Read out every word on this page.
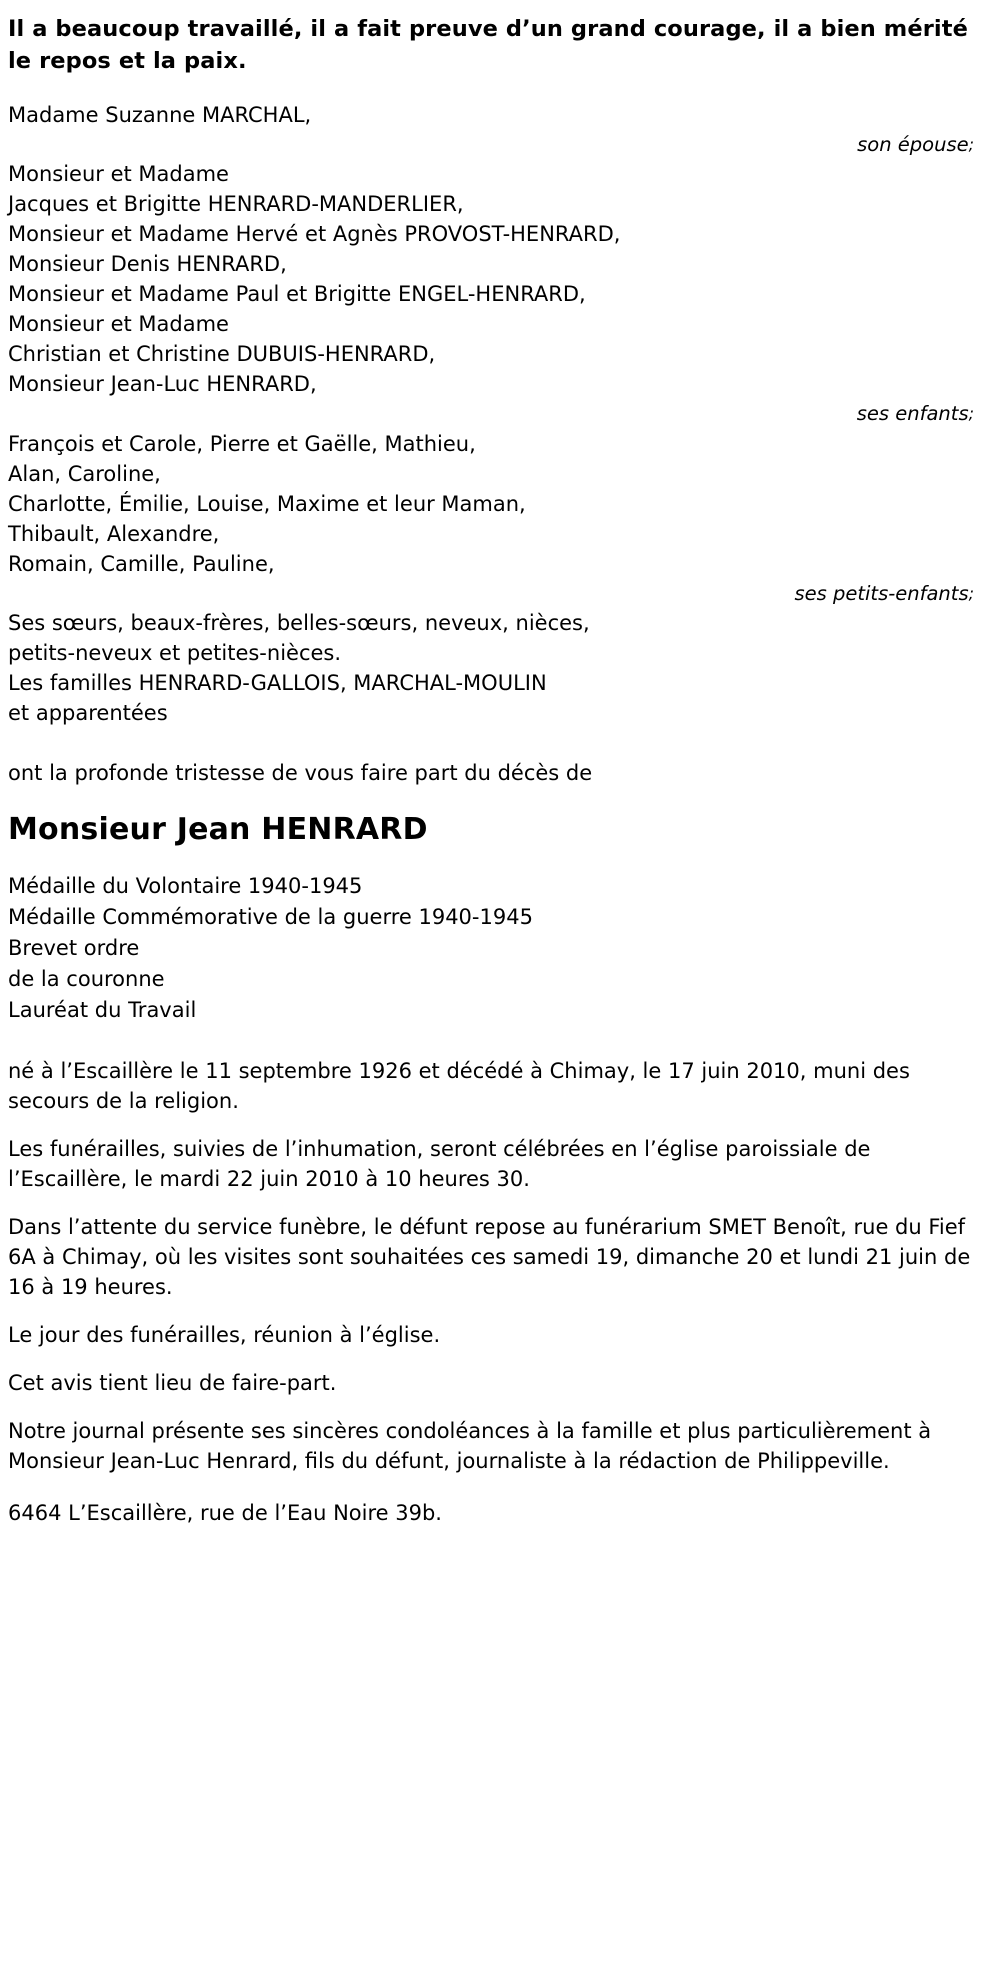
Il a beaucoup travaillé, il a fait preuve d’un grand courage, il a bien mérité le repos et la paix.

Madame Suzanne MARCHAL,
son épouse;
Monsieur et Madame
Jacques et Brigitte HENRARD-MANDERLIER,
Monsieur et Madame Hervé et Agnès PROVOST-HENRARD,
Monsieur Denis HENRARD,
Monsieur et Madame Paul et Brigitte ENGEL-HENRARD,
Monsieur et Madame
Christian et Christine DUBUIS-HENRARD,
Monsieur Jean-Luc HENRARD,
ses enfants;
François et Carole, Pierre et Gaëlle, Mathieu,
Alan, Caroline,
Charlotte, Émilie, Louise, Maxime et leur Maman,
Thibault, Alexandre,
Romain, Camille, Pauline,
ses petits-enfants;
Ses sœurs, beaux-frères, belles-sœurs, neveux, nièces,
petits-neveux et petites-nièces.
Les familles HENRARD-GALLOIS, MARCHAL-MOULIN
et apparentées
ont la profonde tristesse de vous faire part du décès de
Monsieur Jean HENRARD
Médaille du Volontaire 1940-1945
Médaille Commémorative de la guerre 1940-1945
Brevet ordre
de la couronne
Lauréat du Travail

né à l’Escaillère le 11 septembre 1926 et décédé à Chimay, le 17 juin 2010, muni des secours de la religion.

Les funérailles, suivies de l’inhumation, seront célébrées en l’église paroissiale de l’Escaillère, le mardi 22 juin 2010 à 10 heures 30.

Dans l’attente du service funèbre, le défunt repose au funérarium SMET Benoît, rue du Fief 6A à Chimay, où les visites sont souhaitées ces samedi 19, dimanche 20 et lundi 21 juin de 16 à 19 heures.

Le jour des funérailles, réunion à l’église.

Cet avis tient lieu de faire-part.

Notre journal présente ses sincères condoléances à la famille et plus particulièrement à Monsieur Jean-Luc Henrard, fils du défunt, journaliste à la rédaction de Philippeville.

6464 L’Escaillère, rue de l’Eau Noire 39b.
